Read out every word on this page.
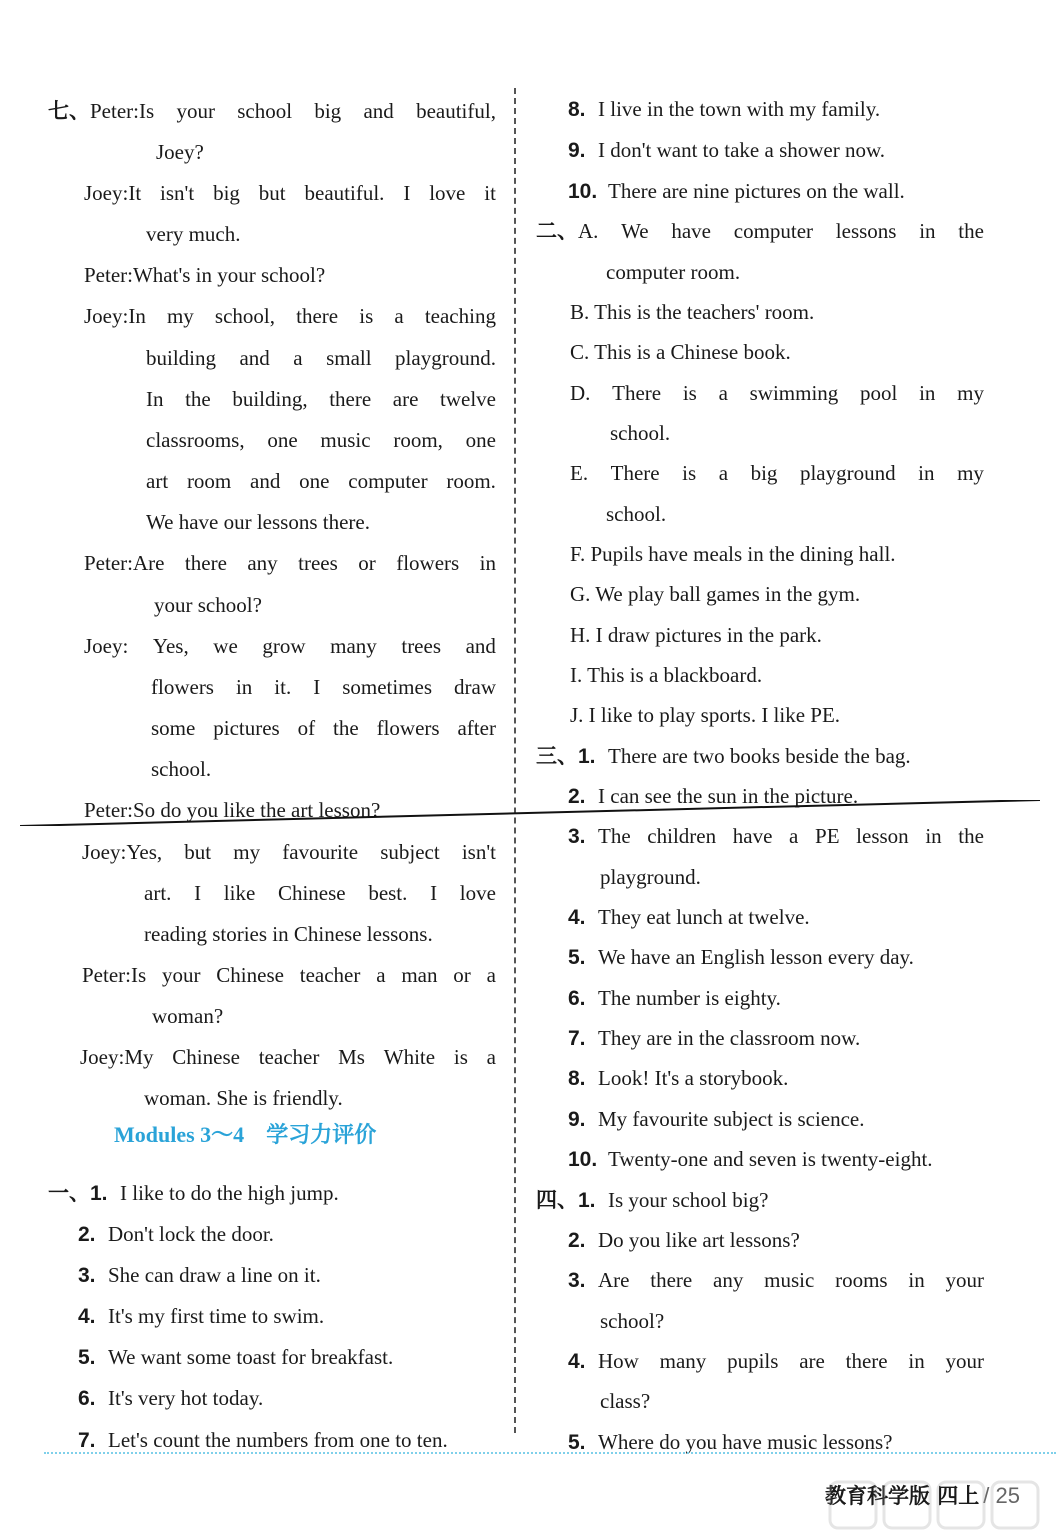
七、 Peter:Is your school big and beautiful,
Joey?
Joey:It isn't big but beautiful. I love it
very much.
Peter:What's in your school?
Joey:In my school, there is a teaching
building and a small playground.
In the building, there are twelve
classrooms, one music room, one
art room and one computer room.
We have our lessons there.
Peter:Are there any trees or flowers in
your school?
Joey: Yes, we grow many trees and
flowers in it. I sometimes draw
some pictures of the flowers after
school.
Peter:So do you like the art lesson?
Joey:Yes, but my favourite subject isn't
art. I like Chinese best. I love
reading stories in Chinese lessons.
Peter:Is your Chinese teacher a man or a
woman?
Joey:My Chinese teacher Ms White is a
woman. She is friendly.
一、1. I like to do the high jump.
2. Don't lock the door.
3. She can draw a line on it.
4. It's my first time to swim.
5. We want some toast for breakfast.
6. It's very hot today.
7. Let's count the numbers from one to ten.
8. I live in the town with my family.
9. I don't want to take a shower now.
10. There are nine pictures on the wall.
二、 A. We have computer lessons in the
computer room.
B. This is the teachers' room.
C. This is a Chinese book.
D. There is a swimming pool in my
school.
E. There is a big playground in my
school.
F. Pupils have meals in the dining hall.
G. We play ball games in the gym.
H. I draw pictures in the park.
I. This is a blackboard.
J. I like to play sports. I like PE.
三、1. There are two books beside the bag.
2. I can see the sun in the picture.
3. The children have a PE lesson in the
playground.
4. They eat lunch at twelve.
5. We have an English lesson every day.
6. The number is eighty.
7. They are in the classroom now.
8. Look! It's a storybook.
9. My favourite subject is science.
10. Twenty-one and seven is twenty-eight.
四、1. Is your school big?
2. Do you like art lessons?
3. Are there any music rooms in your
school?
4. How many pupils are there in your
class?
5. Where do you have music lessons?
Modules 3～4 学习力评价
教育科学版 四上 / 25
